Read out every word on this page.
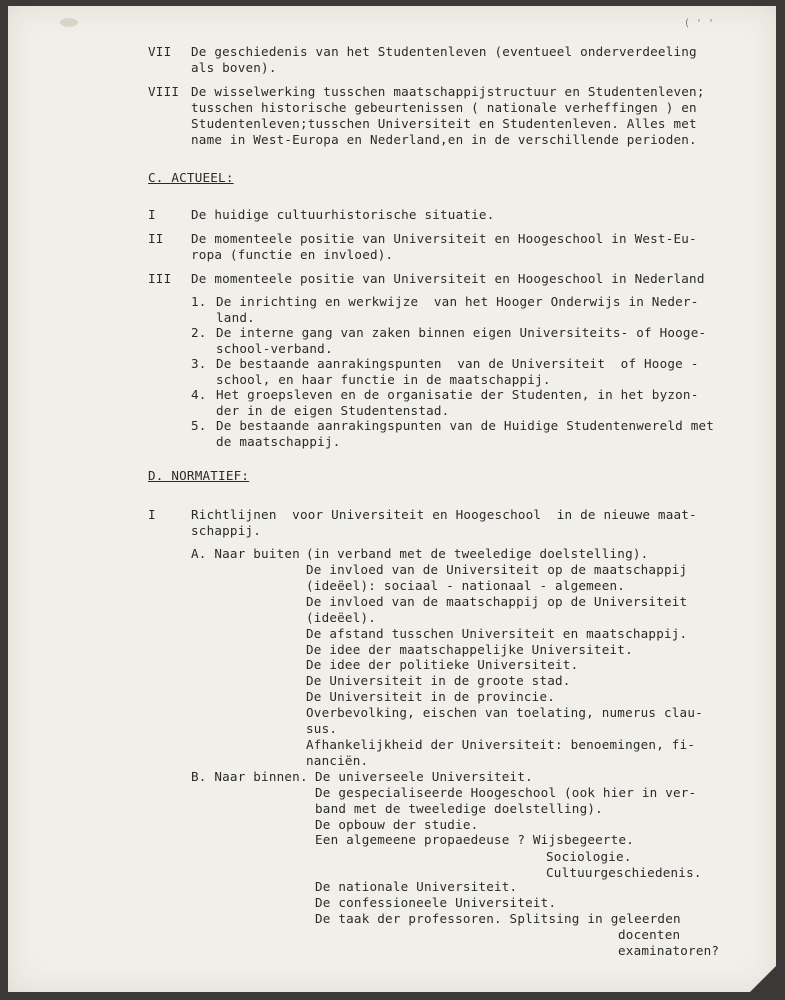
( ' '
VII De geschiedenis van het Studentenleven (eventueel onderverdeeling
als boven).
VIII De wisselwerking tusschen maatschappijstructuur en Studentenleven;
tusschen historische gebeurtenissen ( nationale verheffingen ) en
Studentenleven;tusschen Universiteit en Studentenleven. Alles met
name in West-Europa en Nederland,en in de verschillende perioden.
C. ACTUEEL:
I	De huidige cultuurhistorische situatie.
II De momenteele positie van Universiteit en Hoogeschool in West-Eu-
ropa (functie en invloed).
III De momenteele positie van Universiteit en Hoogeschool in Nederland
1. De inrichting en werkwijze  van het Hooger Onderwijs in Neder-
land.
2. De interne gang van zaken binnen eigen Universiteits- of Hooge-
school-verband.
3. De bestaande aanrakingspunten  van de Universiteit  of Hooge -
school, en haar functie in de maatschappij.
4. Het groepsleven en de organisatie der Studenten, in het byzon-
der in de eigen Studentenstad.
5. De bestaande aanrakingspunten van de Huidige Studentenwereld met
de maatschappij.
D. NORMATIEF:
I	Richtlijnen  voor Universiteit en Hoogeschool  in de nieuwe maat-
schappij.
A. Naar buiten (in verband met de tweeledige doelstelling).
B. Naar binnen. De universeele Universiteit.
De invloed van de Universiteit op de maatschappij
(ideëel): sociaal - nationaal - algemeen.
De invloed van de maatschappij op de Universiteit
(ideëel).
De afstand tusschen Universiteit en maatschappij.
De idee der maatschappelijke Universiteit.
De idee der politieke Universiteit.
De Universiteit in de groote stad.
De Universiteit in de provincie.
Overbevolking, eischen van toelating, numerus clau-
sus.
Afhankelijkheid der Universiteit: benoemingen, fi-
nanciën.
De gespecialiseerde Hoogeschool (ook hier in ver-
band met de tweeledige doelstelling).
De opbouw der studie.
Een algemeene propaedeuse ? Wijsbegeerte.
Sociologie.
Cultuurgeschiedenis.
De nationale Universiteit.
De confessioneele Universiteit.
De taak der professoren. Splitsing in geleerden
docenten
examinatoren?
